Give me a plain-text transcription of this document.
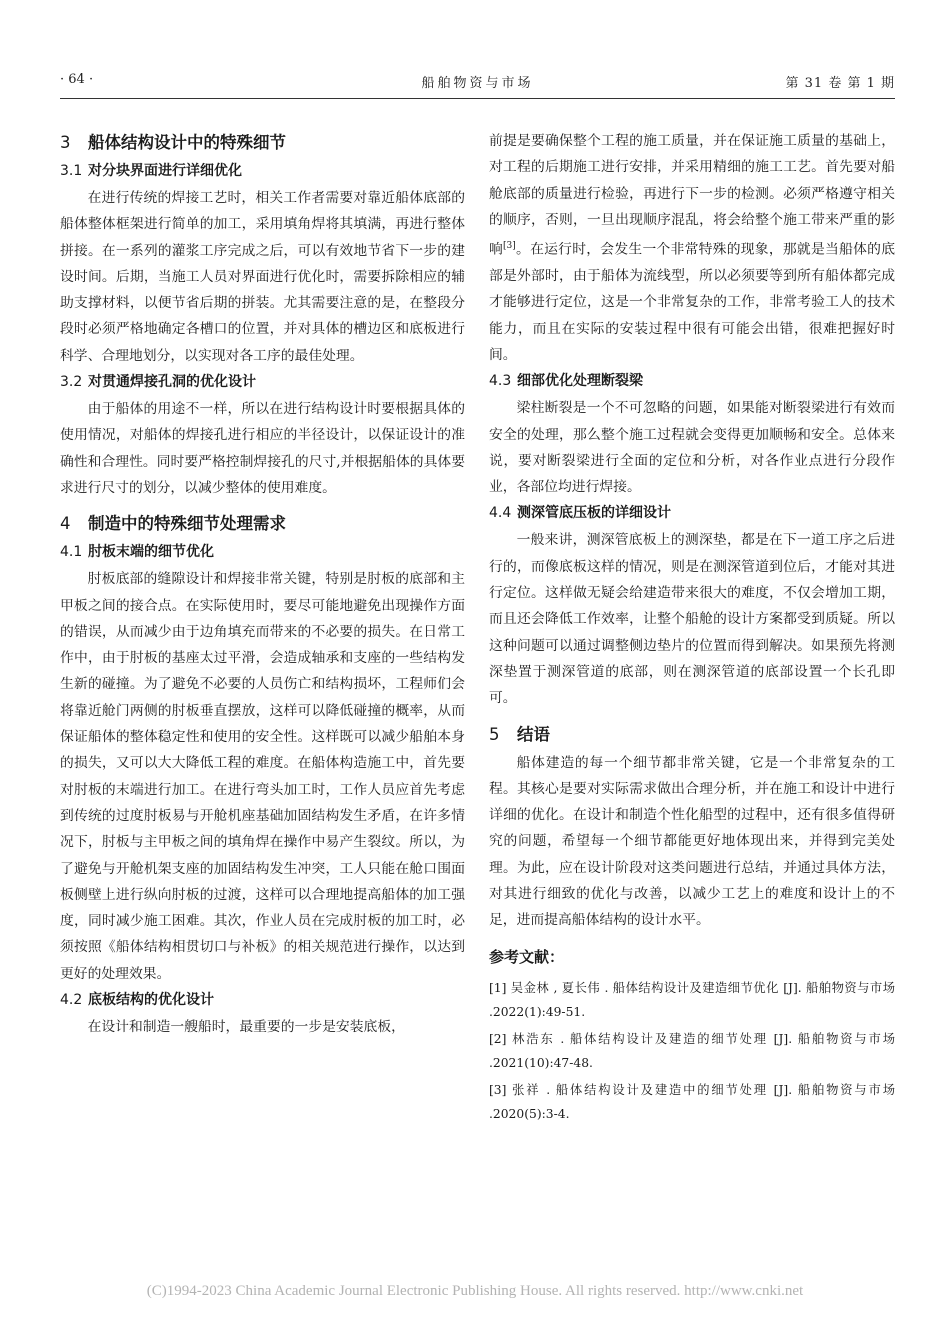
· 64 ·	船舶物资与市场	第 31 卷 第 1 期
3 船体结构设计中的特殊细节
3.1 对分块界面进行详细优化

在进行传统的焊接工艺时，相关工作者需要对靠近船体底部的船体整体框架进行简单的加工，采用填角焊将其填满，再进行整体拼接。在一系列的灌浆工序完成之后，可以有效地节省下一步的建设时间。后期，当施工人员对界面进行优化时，需要拆除相应的辅助支撑材料，以便节省后期的拼装。尤其需要注意的是，在整段分段时必须严格地确定各槽口的位置，并对具体的槽边区和底板进行科学、合理地划分，以实现对各工序的最佳处理。

3.2 对贯通焊接孔洞的优化设计

由于船体的用途不一样，所以在进行结构设计时要根据具体的使用情况，对船体的焊接孔进行相应的半径设计，以保证设计的准确性和合理性。同时要严格控制焊接孔的尺寸,并根据船体的具体要求进行尺寸的划分，以减少整体的使用难度。

4 制造中的特殊细节处理需求
4.1 肘板末端的细节优化

肘板底部的缝隙设计和焊接非常关键，特别是肘板的底部和主甲板之间的接合点。在实际使用时，要尽可能地避免出现操作方面的错误，从而减少由于边角填充而带来的不必要的损失。在日常工作中，由于肘板的基座太过平滑，会造成轴承和支座的一些结构发生新的碰撞。为了避免不必要的人员伤亡和结构损坏，工程师们会将靠近舱门两侧的肘板垂直摆放，这样可以降低碰撞的概率，从而保证船体的整体稳定性和使用的安全性。这样既可以减少船舶本身的损失，又可以大大降低工程的难度。在船体构造施工中，首先要对肘板的末端进行加工。在进行弯头加工时，工作人员应首先考虑到传统的过度肘板易与开舱机座基础加固结构发生矛盾，在许多情况下，肘板与主甲板之间的填角焊在操作中易产生裂纹。所以，为了避免与开舱机架支座的加固结构发生冲突，工人只能在舱口围面板侧壁上进行纵向肘板的过渡，这样可以合理地提高船体的加工强度，同时减少施工困难。其次，作业人员在完成肘板的加工时，必须按照《船体结构相贯切口与补板》的相关规范进行操作，以达到更好的处理效果。

4.2 底板结构的优化设计

在设计和制造一艘船时，最重要的一步是安装底板，

前提是要确保整个工程的施工质量，并在保证施工质量的基础上，对工程的后期施工进行安排，并采用精细的施工工艺。首先要对船舱底部的质量进行检验，再进行下一步的检测。必须严格遵守相关的顺序，否则，一旦出现顺序混乱，将会给整个施工带来严重的影响[3]。在运行时，会发生一个非常特殊的现象，那就是当船体的底部是外部时，由于船体为流线型，所以必须要等到所有船体都完成才能够进行定位，这是一个非常复杂的工作，非常考验工人的技术能力，而且在实际的安装过程中很有可能会出错，很难把握好时间。

4.3 细部优化处理断裂梁

梁柱断裂是一个不可忽略的问题，如果能对断裂梁进行有效而安全的处理，那么整个施工过程就会变得更加顺畅和安全。总体来说，要对断裂梁进行全面的定位和分析，对各作业点进行分段作业，各部位均进行焊接。

4.4 测深管底压板的详细设计

一般来讲，测深管底板上的测深垫，都是在下一道工序之后进行的，而像底板这样的情况，则是在测深管道到位后，才能对其进行定位。这样做无疑会给建造带来很大的难度，不仅会增加工期，而且还会降低工作效率，让整个船舱的设计方案都受到质疑。所以这种问题可以通过调整侧边垫片的位置而得到解决。如果预先将测深垫置于测深管道的底部，则在测深管道的底部设置一个长孔即可。

5 结语

船体建造的每一个细节都非常关键，它是一个非常复杂的工程。其核心是要对实际需求做出合理分析，并在施工和设计中进行详细的优化。在设计和制造个性化船型的过程中，还有很多值得研究的问题，希望每一个细节都能更好地体现出来，并得到完美处理。为此，应在设计阶段对这类问题进行总结，并通过具体方法，对其进行细致的优化与改善，以减少工艺上的难度和设计上的不足，进而提高船体结构的设计水平。

参考文献：

[1] 吴金林 , 夏长伟 . 船体结构设计及建造细节优化 [J]. 船舶物资与市场 .2022(1):49-51.

[2] 林浩东 . 船体结构设计及建造的细节处理 [J]. 船舶物资与市场 .2021(10):47-48.

[3] 张祥 . 船体结构设计及建造中的细节处理 [J]. 船舶物资与市场 .2020(5):3-4.

(C)1994-2023 China Academic Journal Electronic Publishing House. All rights reserved. http://www.cnki.net
